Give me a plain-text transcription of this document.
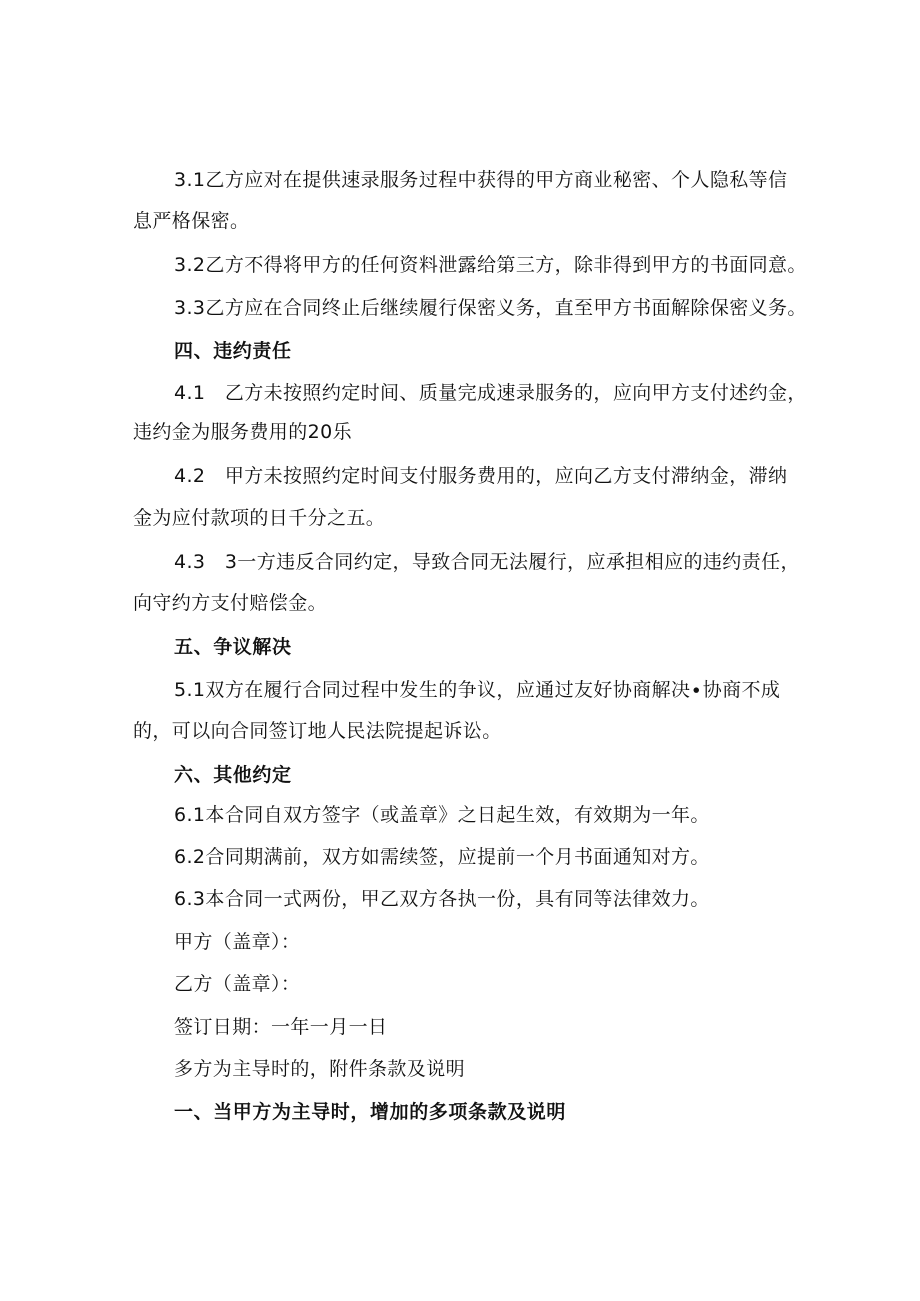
3.1乙方应对在提供速录服务过程中获得的甲方商业秘密、个人隐私等信
息严格保密。
3.2乙方不得将甲方的任何资料泄露给第三方，除非得到甲方的书面同意。
3.3乙方应在合同终止后继续履行保密义务，直至甲方书面解除保密义务。
四、违约责任
4.1　乙方未按照约定时间、质量完成速录服务的，应向甲方支付述约金，
违约金为服务费用的20乐
4.2　甲方未按照约定时间支付服务费用的，应向乙方支付滞纳金，滞纳
金为应付款项的日千分之五。
4.3　3一方违反合同约定，导致合同无法履行，应承担相应的违约责任，
向守约方支付赔偿金。
五、争议解决
5.1双方在履行合同过程中发生的争议，应通过友好协商解决∙协商不成
的，可以向合同签订地人民法院提起诉讼。
六、其他约定
6.1本合同自双方签字（或盖章》之日起生效，有效期为一年。
6.2合同期满前，双方如需续签，应提前一个月书面通知对方。
6.3本合同一式两份，甲乙双方各执一份，具有同等法律效力。
甲方（盖章）：
乙方（盖章）：
签订日期：一年一月一日
多方为主导时的，附件条款及说明
一、当甲方为主导时，增加的多项条款及说明
